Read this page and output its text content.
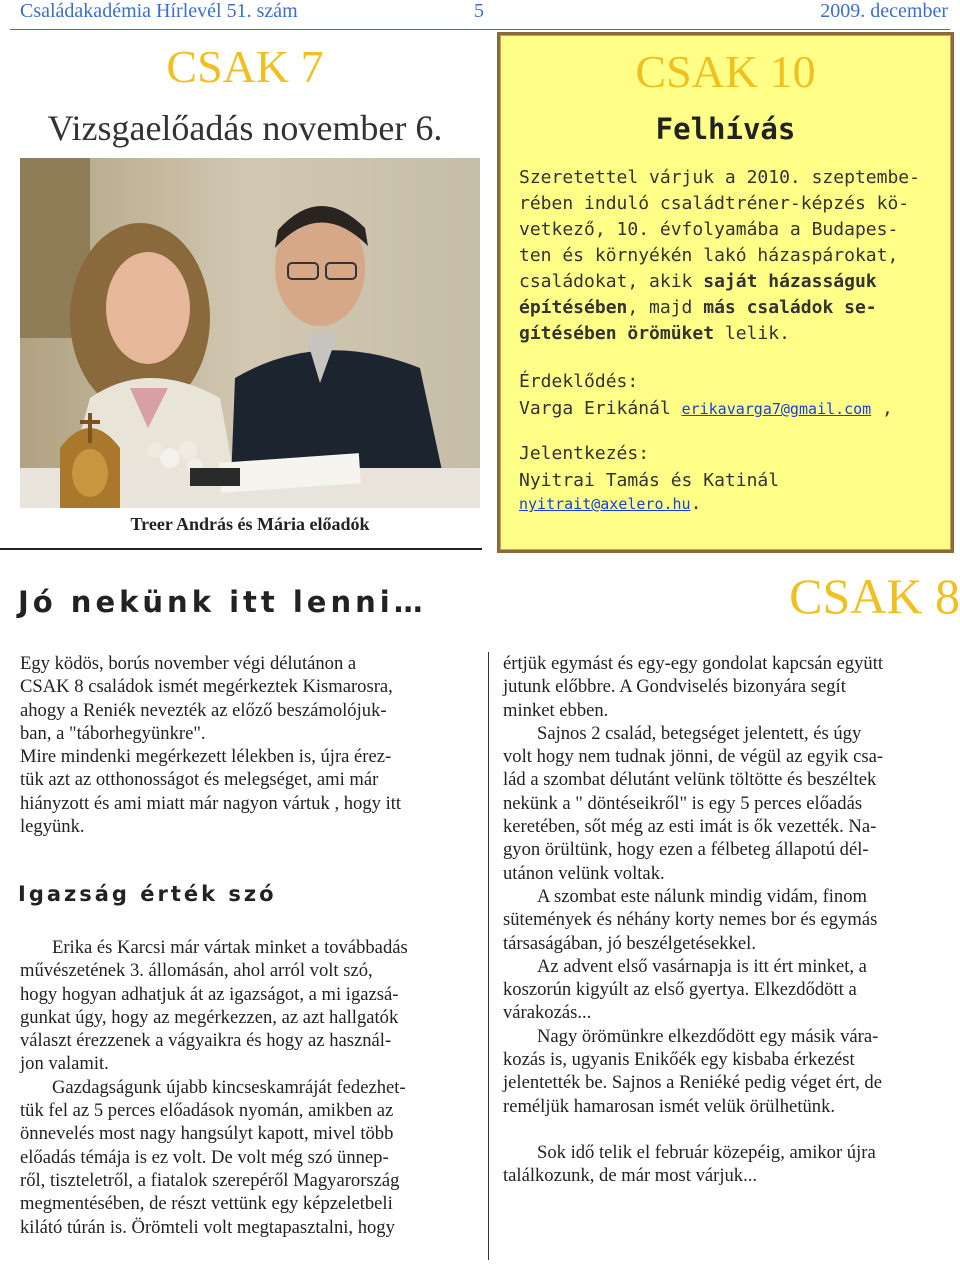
Családakadémia Hírlevél 51. szám	5	2009. december
CSAK 7
Vizsgaelőadás november 6.
Treer András és Mária előadók
CSAK 10
Felhívás

Szeretettel várjuk a 2010. szeptembe-

rében induló családtréner-képzés kö-

vetkező, 10. évfolyamába a Budapes-

ten és környékén lakó házaspárokat,

családokat, akik saját házasságuk

építésében, majd más családok se-

gítésében örömüket lelik.

Érdeklődés:
Varga Erikánál erikavarga7@gmail.com ,
Jelentkezés:
Nyitrai Tamás és Katinál
nyitrait@axelero.hu.
Jó nekünk itt lenni…	CSAK 8

Egy ködös, borús november végi délutánon a

CSAK 8 családok ismét megérkeztek Kismarosra,

ahogy a Reniék nevezték az előző beszámolójuk-

ban, a "táborhegyünkre".

Mire mindenki megérkezett lélekben is, újra érez-

tük azt az otthonosságot és melegséget, ami már

hiányzott és ami miatt már nagyon vártuk , hogy itt

legyünk.

Igazság érték szó

Erika és Karcsi már vártak minket a továbbadás

művészetének 3. állomásán, ahol arról volt szó,

hogy hogyan adhatjuk át az igazságot, a mi igazsá-

gunkat úgy, hogy az megérkezzen, az azt hallgatók

választ érezzenek a vágyaikra és hogy az használ-

jon valamit.

Gazdagságunk újabb kincseskamráját fedezhet-

tük fel az 5 perces előadások nyomán, amikben az

önnevelés most nagy hangsúlyt kapott, mivel több

előadás témája is ez volt. De volt még szó ünnep-

ről, tiszteletről, a fiatalok szerepéről Magyarország

megmentésében, de részt vettünk egy képzeletbeli

kilátó túrán is. Örömteli volt megtapasztalni, hogy

értjük egymást és egy-egy gondolat kapcsán együtt

jutunk előbbre. A Gondviselés bizonyára segít

minket ebben.

Sajnos 2 család, betegséget jelentett, és úgy

volt hogy nem tudnak jönni, de végül az egyik csa-

lád a szombat délutánt velünk töltötte és beszéltek

nekünk a " döntéseikről" is egy 5 perces előadás

keretében, sőt még az esti imát is ők vezették. Na-

gyon örültünk, hogy ezen a félbeteg állapotú dél-

utánon velünk voltak.

A szombat este nálunk mindig vidám, finom

sütemények és néhány korty nemes bor és egymás

társaságában, jó beszélgetésekkel.

Az advent első vasárnapja is itt ért minket, a

koszorún kigyúlt az első gyertya. Elkezdődött a

várakozás...

Nagy örömünkre elkezdődött egy másik vára-

kozás is, ugyanis Enikőék egy kisbaba érkezést

jelentették be. Sajnos a Reniéké pedig véget ért, de

reméljük hamarosan ismét velük örülhetünk.

Sok idő telik el február közepéig, amikor újra

találkozunk, de már most várjuk...
